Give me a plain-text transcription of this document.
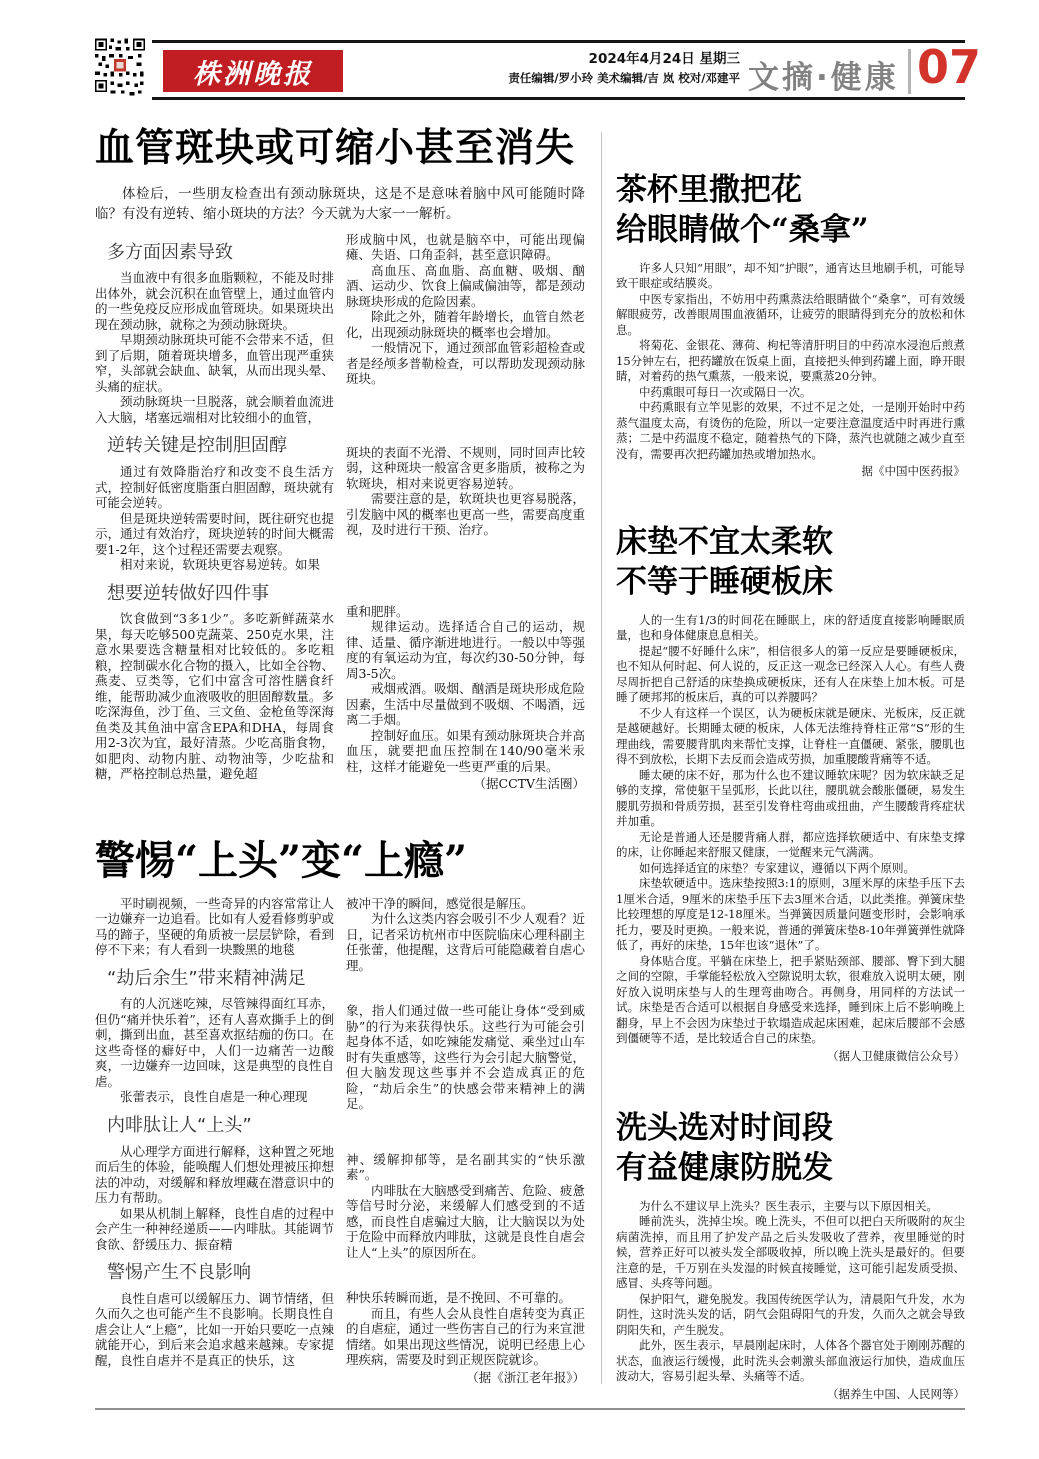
株洲晚报	2024年4月24日 星期三
责任编辑/罗小玲 美术编辑/吉 岚 校对/邓建平 文摘·健康 07
血管斑块或可缩小甚至消失
体检后，一些朋友检查出有颈动脉斑块，这是不是意味着脑中风可能随时降临？有没有逆转、缩小斑块的方法？今天就为大家一一解析。
多方面因素导致
当血液中有很多血脂颗粒，不能及时排出体外，就会沉积在血管壁上，通过血管内的一些免疫反应形成血管斑块。如果斑块出现在颈动脉，就称之为颈动脉斑块。
早期颈动脉斑块可能不会带来不适，但到了后期，随着斑块增多，血管出现严重狭窄，头部就会缺血、缺氧，从而出现头晕、头痛的症状。
颈动脉斑块一旦脱落，就会顺着血流进入大脑，堵塞远端相对比较细小的血管，
逆转关键是控制胆固醇
通过有效降脂治疗和改变不良生活方式，控制好低密度脂蛋白胆固醇，斑块就有可能会逆转。
但是斑块逆转需要时间，既往研究也提示，通过有效治疗，斑块逆转的时间大概需要1-2年，这个过程还需要去观察。
相对来说，软斑块更容易逆转。如果
想要逆转做好四件事
饮食做到“3多1少”。多吃新鲜蔬菜水果，每天吃够500克蔬菜、250克水果，注意水果要选含糖量相对比较低的。多吃粗粮，控制碳水化合物的摄入，比如全谷物、燕麦、豆类等，它们中富含可溶性膳食纤维，能帮助减少血液吸收的胆固醇数量。多吃深海鱼，沙丁鱼、三文鱼、金枪鱼等深海鱼类及其鱼油中富含EPA和DHA，每周食用2-3次为宜，最好清蒸。少吃高脂食物，如肥肉、动物内脏、动物油等，少吃盐和糖，严格控制总热量，避免超
形成脑中风，也就是脑卒中，可能出现偏瘫、失语、口角歪斜，甚至意识障碍。
高血压、高血脂、高血糖、吸烟、酗酒、运动少、饮食上偏咸偏油等，都是颈动脉斑块形成的危险因素。
除此之外，随着年龄增长，血管自然老化，出现颈动脉斑块的概率也会增加。
一般情况下，通过颈部血管彩超检查或者是经颅多普勒检查，可以帮助发现颈动脉斑块。
斑块的表面不光滑、不规则，同时回声比较弱，这种斑块一般富含更多脂质，被称之为软斑块，相对来说更容易逆转。
需要注意的是，软斑块也更容易脱落，引发脑中风的概率也更高一些，需要高度重视，及时进行干预、治疗。
重和肥胖。
规律运动。选择适合自己的运动，规律、适量、循序渐进地进行。一般以中等强度的有氧运动为宜，每次约30-50分钟，每周3-5次。
戒烟戒酒。吸烟、酗酒是斑块形成危险因素，生活中尽量做到不吸烟、不喝酒，远离二手烟。
控制好血压。如果有颈动脉斑块合并高血压，就要把血压控制在140/90毫米汞柱，这样才能避免一些更严重的后果。
（据CCTV生活圈）
警惕“上头”变“上瘾”
平时刷视频，一些奇异的内容常常让人一边嫌弃一边追看。比如有人爱看修剪驴或马的蹄子，坚硬的角质被一层层铲除，看到停不下来；有人看到一块黢黑的地毯
“劫后余生”带来精神满足
有的人沉迷吃辣，尽管辣得面红耳赤，但仍“痛并快乐着”，还有人喜欢撕手上的倒刺，撕到出血，甚至喜欢抠结痂的伤口。在这些奇怪的癖好中，人们一边痛苦一边酸爽，一边嫌弃一边回味，这是典型的良性自虐。
张蕾表示，良性自虐是一种心理现
内啡肽让人“上头”
从心理学方面进行解释，这种置之死地而后生的体验，能唤醒人们想处理被压抑想法的冲动，对缓解和释放埋藏在潜意识中的压力有帮助。
如果从机制上解释，良性自虐的过程中会产生一种神经递质——内啡肽。其能调节食欲、舒缓压力、振奋精
警惕产生不良影响
良性自虐可以缓解压力、调节情绪，但久而久之也可能产生不良影响。长期良性自虐会让人“上瘾”，比如一开始只要吃一点辣就能开心，到后来会追求越来越辣。专家提醒，良性自虐并不是真正的快乐，这
被冲干净的瞬间，感觉很是解压。
为什么这类内容会吸引不少人观看？近日，记者采访杭州市中医院临床心理科副主任张蕾，他提醒，这背后可能隐藏着自虐心理。
象，指人们通过做一些可能让身体“受到威胁”的行为来获得快乐。这些行为可能会引起身体不适，如吃辣能发痛觉、乘坐过山车时有失重感等，这些行为会引起大脑警觉，但大脑发现这些事并不会造成真正的危险，“劫后余生”的快感会带来精神上的满足。
神、缓解抑郁等，是名副其实的“快乐激素”。
内啡肽在大脑感受到痛苦、危险、疲惫等信号时分泌，来缓解人们感受到的不适感，而良性自虐骗过大脑，让大脑误以为处于危险中而释放内啡肽，这就是良性自虐会让人“上头”的原因所在。
种快乐转瞬而逝，是不挽回、不可靠的。
而且，有些人会从良性自虐转变为真正的自虐症，通过一些伤害自己的行为来宣泄情绪。如果出现这些情况，说明已经患上心理疾病，需要及时到正规医院就诊。
（据《浙江老年报》）
茶杯里撒把花
给眼睛做个“桑拿”
许多人只知“用眼”，却不知“护眼”，通宵达旦地刷手机，可能导致干眼症或结膜炎。
中医专家指出，不妨用中药熏蒸法给眼睛做个“桑拿”，可有效缓解眼疲劳，改善眼周围血液循环，让疲劳的眼睛得到充分的放松和休息。
将菊花、金银花、薄荷、枸杞等清肝明目的中药凉水浸泡后煎煮15分钟左右，把药罐放在饭桌上面，直接把头伸到药罐上面，睁开眼睛，对着药的热气熏蒸，一般来说，要熏蒸20分钟。
中药熏眼可每日一次或隔日一次。
中药熏眼有立竿见影的效果，不过不足之处，一是刚开始时中药蒸气温度太高，有烫伤的危险，所以一定要注意温度适中时再进行熏蒸；二是中药温度不稳定，随着热气的下降，蒸汽也就随之减少直至没有，需要再次把药罐加热或增加热水。
据《中国中医药报》
床垫不宜太柔软
不等于睡硬板床
人的一生有1/3的时间花在睡眠上，床的舒适度直接影响睡眠质量，也和身体健康息息相关。
提起“腰不好睡什么床”，相信很多人的第一反应是要睡硬板床，也不知从何时起、何人说的，反正这一观念已经深入人心。有些人费尽周折把自己舒适的床垫换成硬板床，还有人在床垫上加木板。可是睡了硬邦邦的板床后，真的可以养腰吗？
不少人有这样一个误区，认为硬板床就是硬床、光板床，反正就是越硬越好。长期睡太硬的板床，人体无法维持脊柱正常“S”形的生理曲线，需要腰背肌肉来帮忙支撑，让脊柱一直僵硬、紧张，腰肌也得不到放松，长期下去反而会造成劳损，加重腰酸背痛等不适。
睡太硬的床不好，那为什么也不建议睡软床呢？因为软床缺乏足够的支撑，常使躯干呈弧形，长此以往，腰肌就会酸胀僵硬，易发生腰肌劳损和骨质劳损，甚至引发脊柱弯曲或扭曲，产生腰酸背疼症状并加重。
无论是普通人还是腰背痛人群，都应选择软硬适中、有床垫支撑的床，让你睡起来舒服又健康，一觉醒来元气满满。
如何选择适宜的床垫？专家建议，遵循以下两个原则。
床垫软硬适中。选床垫按照3:1的原则，3厘米厚的床垫手压下去1厘米合适，9厘米的床垫手压下去3厘米合适，以此类推。弹簧床垫比较理想的厚度是12-18厘米。当弹簧因质量问题变形时，会影响承托力，要及时更换。一般来说，普通的弹簧床垫8-10年弹簧弹性就降低了，再好的床垫，15年也该“退休”了。
身体贴合度。平躺在床垫上，把手紧贴颈部、腰部、臀下到大腿之间的空隙，手掌能轻松放入空隙说明太软，很难放入说明太硬，刚好放入说明床垫与人的生理弯曲吻合。再侧身，用同样的方法试一试。床垫是否合适可以根据自身感受来选择，睡到床上后不影响晚上翻身，早上不会因为床垫过于软塌造成起床困难，起床后腰部不会感到僵硬等不适，是比较适合自己的床垫。
（据人卫健康微信公众号）
洗头选对时间段
有益健康防脱发
为什么不建议早上洗头？医生表示，主要与以下原因相关。
睡前洗头，洗掉尘埃。晚上洗头，不但可以把白天所吸附的灰尘病菌洗掉，而且用了护发产品之后头发吸收了营养，夜里睡觉的时候，营养正好可以被头发全部吸收掉，所以晚上洗头是最好的。但要注意的是，千万别在头发湿的时候直接睡觉，这可能引起发质受损、感冒、头疼等问题。
保护阳气，避免脱发。我国传统医学认为，清晨阳气升发，水为阴性，这时洗头发的话，阴气会阻碍阳气的升发，久而久之就会导致阴阳失和，产生脱发。
此外，医生表示，早晨刚起床时，人体各个器官处于刚刚苏醒的状态，血液运行缓慢，此时洗头会刺激头部血液运行加快，造成血压波动大，容易引起头晕、头痛等不适。
（据养生中国、人民网等）
